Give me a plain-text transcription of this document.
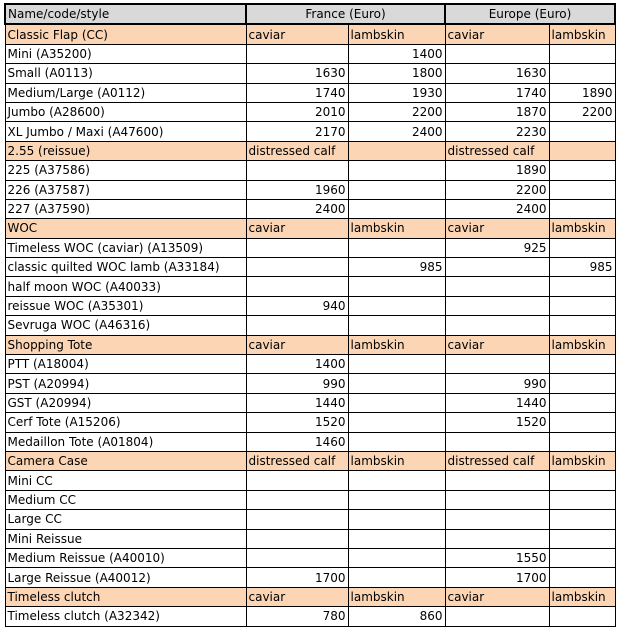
Name/code/style	France (Euro)		Europe (Euro)	
Classic Flap (CC)	caviar	lambskin	caviar	lambskin
Mini (A35200)		1400		
Small (A0113)	1630	1800	1630	
Medium/Large (A0112)	1740	1930	1740	1890
Jumbo (A28600)	2010	2200	1870	2200
XL Jumbo / Maxi (A47600)	2170	2400	2230	
2.55 (reissue)	distressed calf		distressed calf	
225 (A37586)			1890	
226 (A37587)	1960		2200	
227 (A37590)	2400		2400	
WOC	caviar	lambskin	caviar	lambskin
Timeless WOC (caviar) (A13509)			925	
classic quilted WOC lamb (A33184)		985		985
half moon WOC (A40033)				
reissue WOC (A35301)	940			
Sevruga WOC (A46316)				
Shopping Tote	caviar	lambskin	caviar	lambskin
PTT (A18004)	1400			
PST (A20994)	990		990	
GST (A20994)	1440		1440	
Cerf Tote (A15206)	1520		1520	
Medaillon Tote (A01804)	1460			
Camera Case	distressed calf	lambskin	distressed calf	lambskin
Mini CC				
Medium CC				
Large CC				
Mini Reissue				
Medium Reissue (A40010)			1550	
Large Reissue (A40012)	1700		1700	
Timeless clutch	caviar	lambskin	caviar	lambskin
Timeless clutch (A32342)	780	860		
